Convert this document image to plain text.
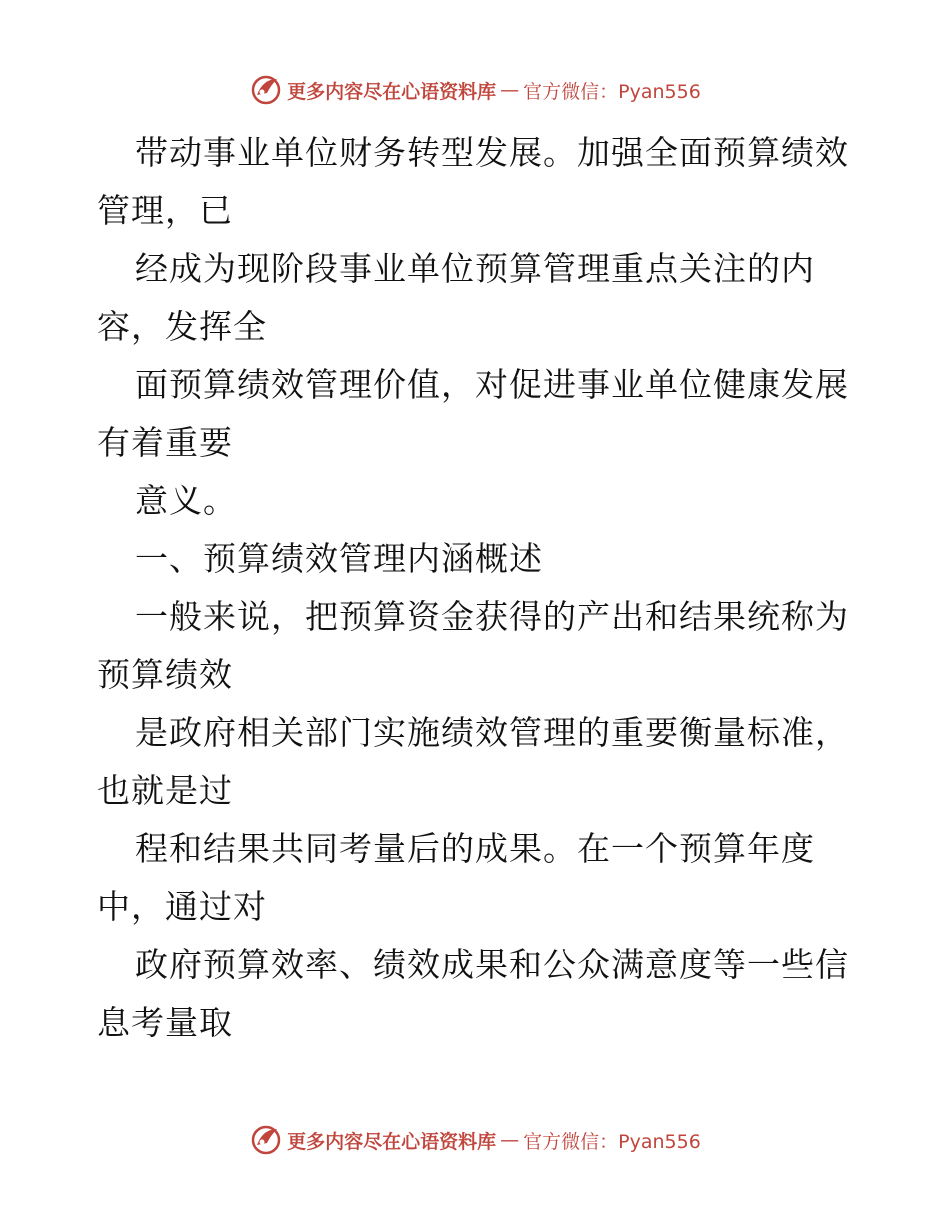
更多内容尽在心语资料库 — 官方微信：Pyan556
带动事业单位财务转型发展。加强全面预算绩效
管理，已
经成为现阶段事业单位预算管理重点关注的内
容，发挥全
面预算绩效管理价值，对促进事业单位健康发展
有着重要
意义。
一、预算绩效管理内涵概述
一般来说，把预算资金获得的产出和结果统称为
预算绩效
是政府相关部门实施绩效管理的重要衡量标准，
也就是过
程和结果共同考量后的成果。在一个预算年度
中，通过对
政府预算效率、绩效成果和公众满意度等一些信
息考量取
更多内容尽在心语资料库 — 官方微信：Pyan556
